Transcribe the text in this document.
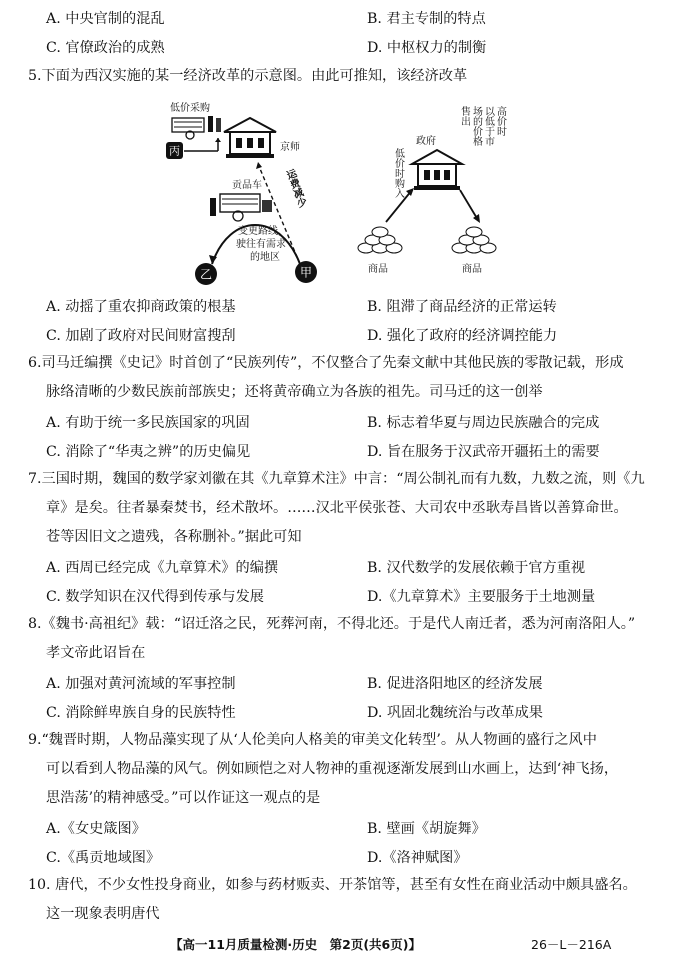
A. 中央官制的混乱	B. 君主专制的特点
C. 官僚政治的成熟	D. 中枢权力的制衡

5.下面为西汉实施的某一经济改革的示意图。由此可推知，该经济改革

低价采购
丙	京师
运费减少
贡品车
变更路线，
驶往有需求
的地区
乙	甲
政府
低价时购入
高价时
以低于市
场的价格
售出
商品	商品
A. 动摇了重农抑商政策的根基	B. 阻滞了商品经济的正常运转
C. 加剧了政府对民间财富搜刮	D. 强化了政府的经济调控能力

6.司马迁编撰《史记》时首创了“民族列传”，不仅整合了先秦文献中其他民族的零散记载，形成

脉络清晰的少数民族前部族史；还将黄帝确立为各族的祖先。司马迁的这一创举

A. 有助于统一多民族国家的巩固	B. 标志着华夏与周边民族融合的完成
C. 消除了“华夷之辨”的历史偏见	D. 旨在服务于汉武帝开疆拓土的需要

7.三国时期，魏国的数学家刘徽在其《九章算术注》中言：“周公制礼而有九数，九数之流，则《九

章》是矣。往者暴秦焚书，经术散坏。……汉北平侯张苍、大司农中丞耿寿昌皆以善算命世。

苍等因旧文之遗残，各称删补。”据此可知

A. 西周已经完成《九章算术》的编撰	B. 汉代数学的发展依赖于官方重视
C. 数学知识在汉代得到传承与发展	D.《九章算术》主要服务于土地测量

8.《魏书·高祖纪》载：“诏迁洛之民，死葬河南，不得北还。于是代人南迁者，悉为河南洛阳人。”

孝文帝此诏旨在

A. 加强对黄河流域的军事控制	B. 促进洛阳地区的经济发展
C. 消除鲜卑族自身的民族特性	D. 巩固北魏统治与改革成果

9.“魏晋时期，人物品藻实现了从‘人伦美向人格美的审美文化转型’。从人物画的盛行之风中

可以看到人物品藻的风气。例如顾恺之对人物神的重视逐渐发展到山水画上，达到‘神飞扬，

思浩荡’的精神感受。”可以作证这一观点的是

A.《女史箴图》	B. 壁画《胡旋舞》
C.《禹贡地域图》	D.《洛神赋图》

10. 唐代，不少女性投身商业，如参与药材贩卖、开茶馆等，甚至有女性在商业活动中颇具盛名。

这一现象表明唐代

【高一11月质量检测·历史　第2页(共6页)】	26－L－216A
